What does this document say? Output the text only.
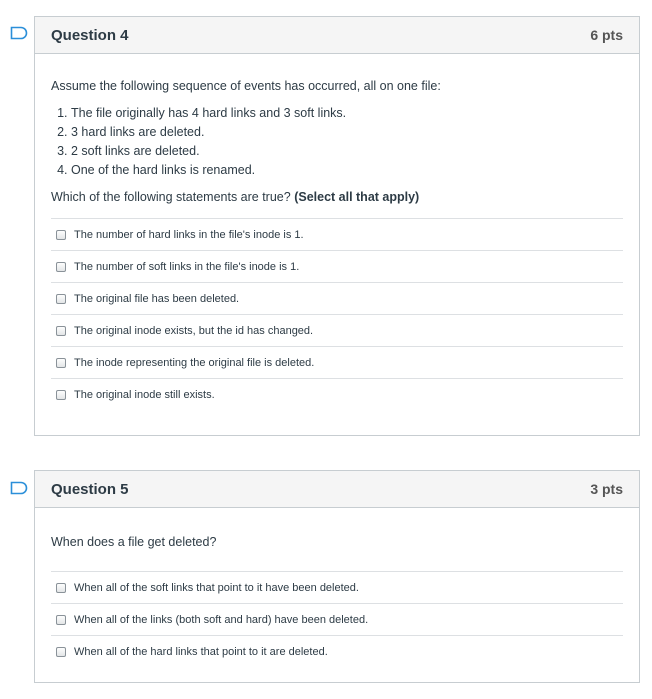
Question 4	6 pts

Assume the following sequence of events has occurred, all on one file:

1. The file originally has 4 hard links and 3 soft links.
2. 3 hard links are deleted.
3. 2 soft links are deleted.
4. One of the hard links is renamed.

Which of the following statements are true? (Select all that apply)

The number of hard links in the file's inode is 1.
The number of soft links in the file's inode is 1.
The original file has been deleted.
The original inode exists, but the id has changed.
The inode representing the original file is deleted.
The original inode still exists.
Question 5	3 pts

When does a file get deleted?

When all of the soft links that point to it have been deleted.
When all of the links (both soft and hard) have been deleted.
When all of the hard links that point to it are deleted.
